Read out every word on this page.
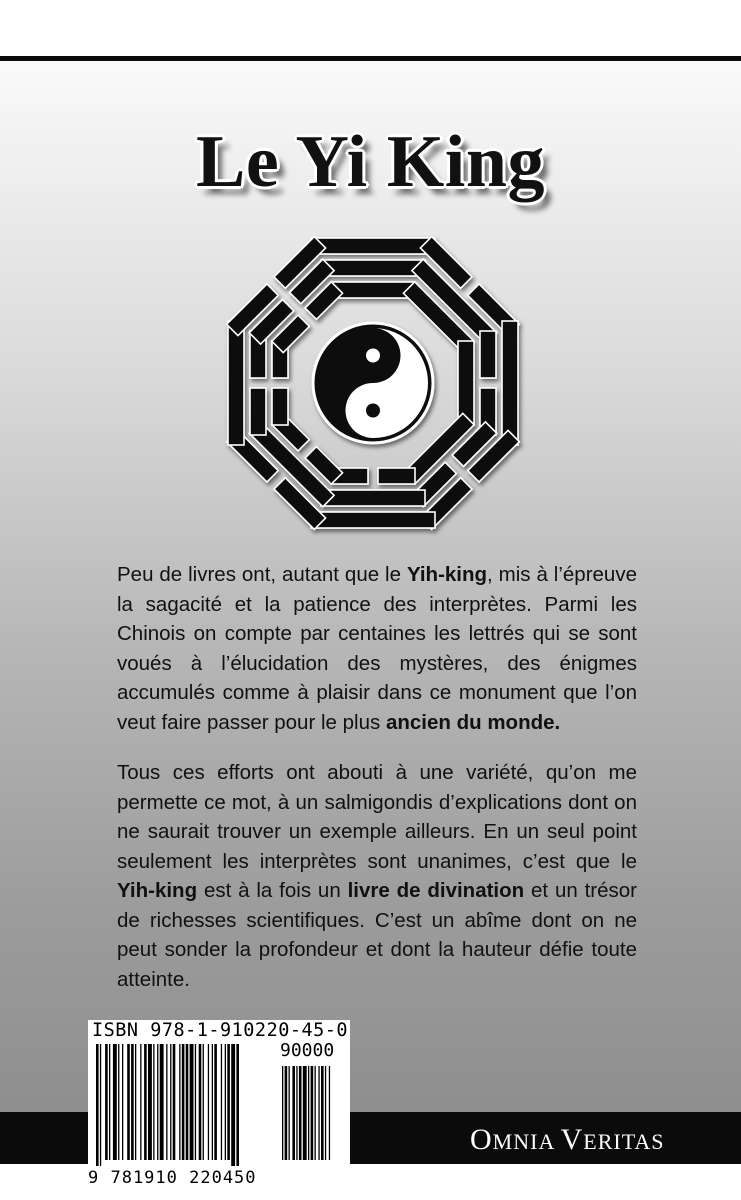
Le Yi King
Peu de livres ont, autant que le Yih-king, mis à l’épreuve la sagacité et la patience des interprètes. Parmi les Chinois on compte par centaines les lettrés qui se sont voués à l’élucidation des mystères, des énigmes accumulés comme à plaisir dans ce monument que l’on veut faire passer pour le plus ancien du monde.
Tous ces efforts ont abouti à une variété, qu’on me permette ce mot, à un salmigondis d’explications dont on ne saurait trouver un exemple ailleurs. En un seul point seulement les interprètes sont unanimes, c’est que le Yih-king est à la fois un livre de divination et un trésor de richesses scientifiques. C’est un abîme dont on ne peut sonder la profondeur et dont la hauteur défie toute atteinte.
ISBN 978-1-910220-45-0
90000
9 781910 220450
OMNIA VERITAS
